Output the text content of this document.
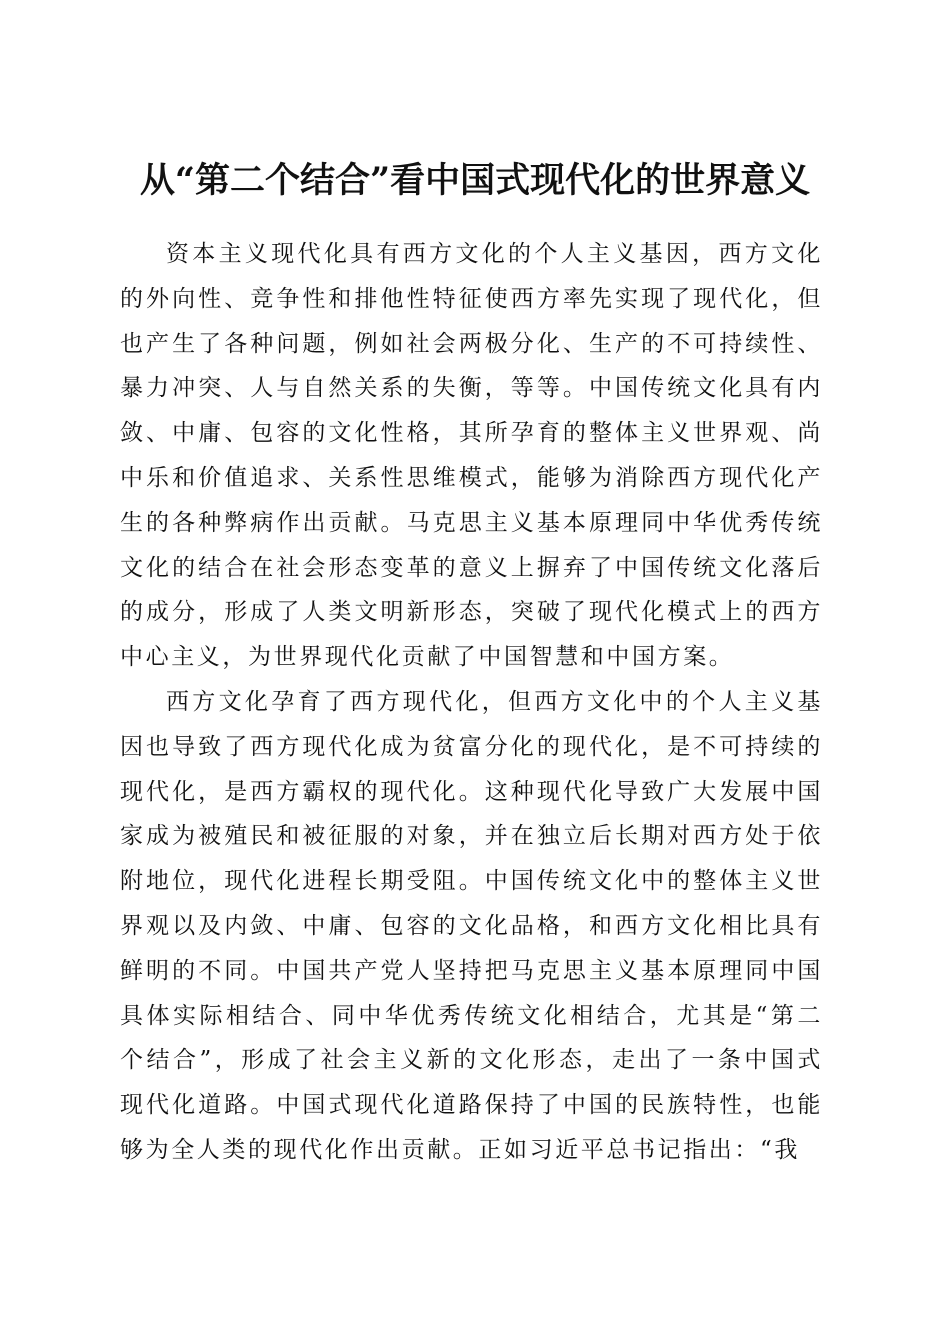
从“第二个结合”看中国式现代化的世界意义

资本主义现代化具有西方文化的个人主义基因，西方文化的外向性、竞争性和排他性特征使西方率先实现了现代化，但也产生了各种问题，例如社会两极分化、生产的不可持续性、暴力冲突、人与自然关系的失衡，等等。中国传统文化具有内敛、中庸、包容的文化性格，其所孕育的整体主义世界观、尚中乐和价值追求、关系性思维模式，能够为消除西方现代化产生的各种弊病作出贡献。马克思主义基本原理同中华优秀传统文化的结合在社会形态变革的意义上摒弃了中国传统文化落后的成分，形成了人类文明新形态，突破了现代化模式上的西方中心主义，为世界现代化贡献了中国智慧和中国方案。

西方文化孕育了西方现代化，但西方文化中的个人主义基因也导致了西方现代化成为贫富分化的现代化，是不可持续的现代化，是西方霸权的现代化。这种现代化导致广大发展中国家成为被殖民和被征服的对象，并在独立后长期对西方处于依附地位，现代化进程长期受阻。中国传统文化中的整体主义世界观以及内敛、中庸、包容的文化品格，和西方文化相比具有鲜明的不同。中国共产党人坚持把马克思主义基本原理同中国具体实际相结合、同中华优秀传统文化相结合，尤其是“第二个结合”，形成了社会主义新的文化形态，走出了一条中国式现代化道路。中国式现代化道路保持了中国的民族特性，也能够为全人类的现代化作出贡献。正如习近平总书记指出：“我
